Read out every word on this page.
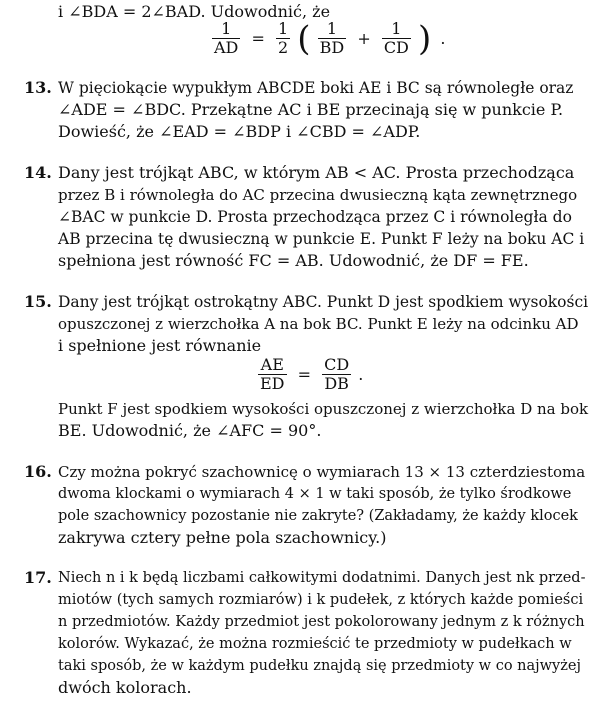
i ∠BDA = 2∠BAD. Udowodnić, że
$\frac{1}{AD} = \frac{1}{2}$ ( $\frac{1}{BD} + \frac{1}{CD}$ ) .
13. W pięciokącie wypukłym ABCDE boki AE i BC są równoległe oraz
∠ADE = ∠BDC. Przekątne AC i BE przecinają się w punkcie P.
Dowieść, że ∠EAD = ∠BDP i ∠CBD = ∠ADP.
14. Dany jest trójkąt ABC, w którym AB < AC. Prosta przechodząca
przez B i równoległa do AC przecina dwusieczną kąta zewnętrznego
∠BAC w punkcie D. Prosta przechodząca przez C i równoległa do
AB przecina tę dwusieczną w punkcie E. Punkt F leży na boku AC i
spełniona jest równość FC = AB. Udowodnić, że DF = FE.
15. Dany jest trójkąt ostrokątny ABC. Punkt D jest spodkiem wysokości
opuszczonej z wierzchołka A na bok BC. Punkt E leży na odcinku AD
i spełnione jest równanie
$\frac{AE}{ED} = \frac{CD}{DB}$ .
Punkt F jest spodkiem wysokości opuszczonej z wierzchołka D na bok
BE. Udowodnić, że ∠AFC = 90°.
16. Czy można pokryć szachownicę o wymiarach 13 × 13 czterdziestoma
dwoma klockami o wymiarach 4 × 1 w taki sposób, że tylko środkowe
pole szachownicy pozostanie nie zakryte? (Zakładamy, że każdy klocek
zakrywa cztery pełne pola szachownicy.)
17. Niech n i k będą liczbami całkowitymi dodatnimi. Danych jest nk przed-
miotów (tych samych rozmiarów) i k pudełek, z których każde pomieści
n przedmiotów. Każdy przedmiot jest pokolorowany jednym z k różnych
kolorów. Wykazać, że można rozmieścić te przedmioty w pudełkach w
taki sposób, że w każdym pudełku znajdą się przedmioty w co najwyżej
dwóch kolorach.
